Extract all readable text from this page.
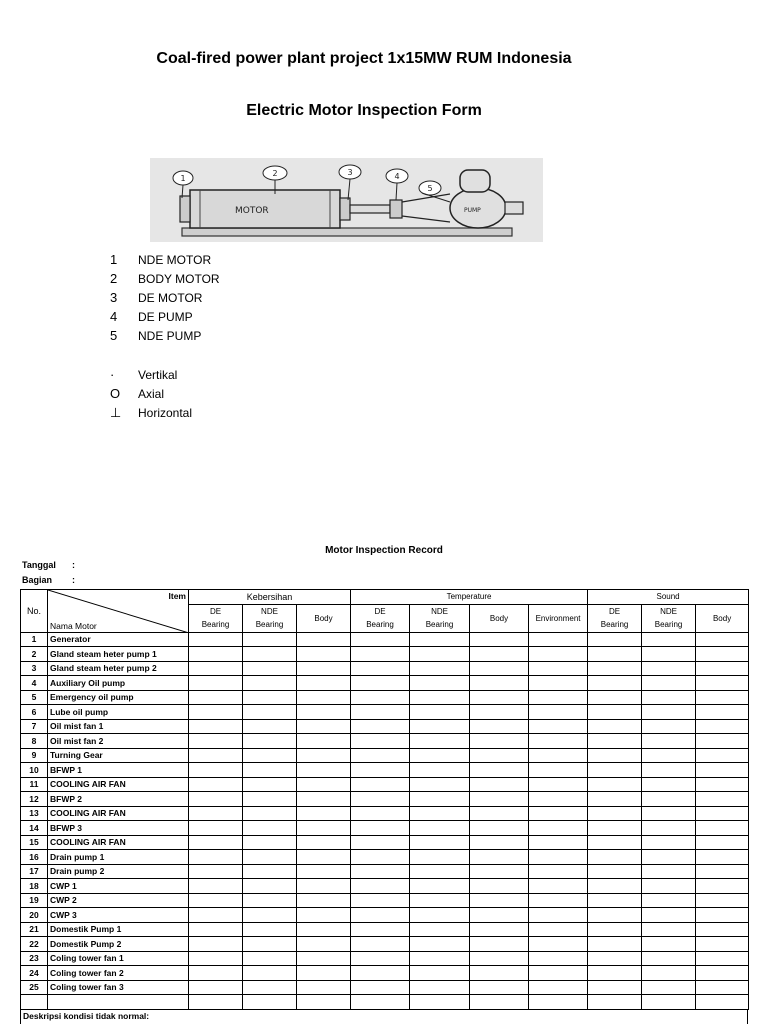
Coal-fired power plant project 1x15MW RUM Indonesia
Electric Motor Inspection Form
MOTOR	PUMP
1
2	3	4
5
1	NDE MOTOR
2	BODY MOTOR
3	DE MOTOR
4	DE PUMP
5	NDE PUMP
·	Vertikal
O	Axial
⊥	Horizontal
Motor Inspection Record
Tanggal :
Bagian :
No.	Item
Nama Motor	Kebersihan			Temperature				Sound		
		DE	NDE	Body	DE	NDE	Body	Environment	DE	NDE	Body
		Bearing	Bearing		Bearing	Bearing			Bearing	Bearing	
1	Generator										
2	Gland steam heter pump 1										
3	Gland steam heter pump 2										
4	Auxiliary Oil pump										
5	Emergency oil pump										
6	Lube oil pump										
7	Oil mist fan 1										
8	Oil mist fan 2										
9	Turning Gear										
10	BFWP 1										
11	COOLING AIR FAN										
12	BFWP 2										
13	COOLING AIR FAN										
14	BFWP 3										
15	COOLING AIR FAN										
16	Drain pump 1										
17	Drain pump 2										
18	CWP 1										
19	CWP 2										
20	CWP 3										
21	Domestik Pump 1										
22	Domestik Pump 2										
23	Coling tower fan 1										
24	Coling tower fan 2										
25	Coling tower fan 3										

Deskripsi kondisi tidak normal:
